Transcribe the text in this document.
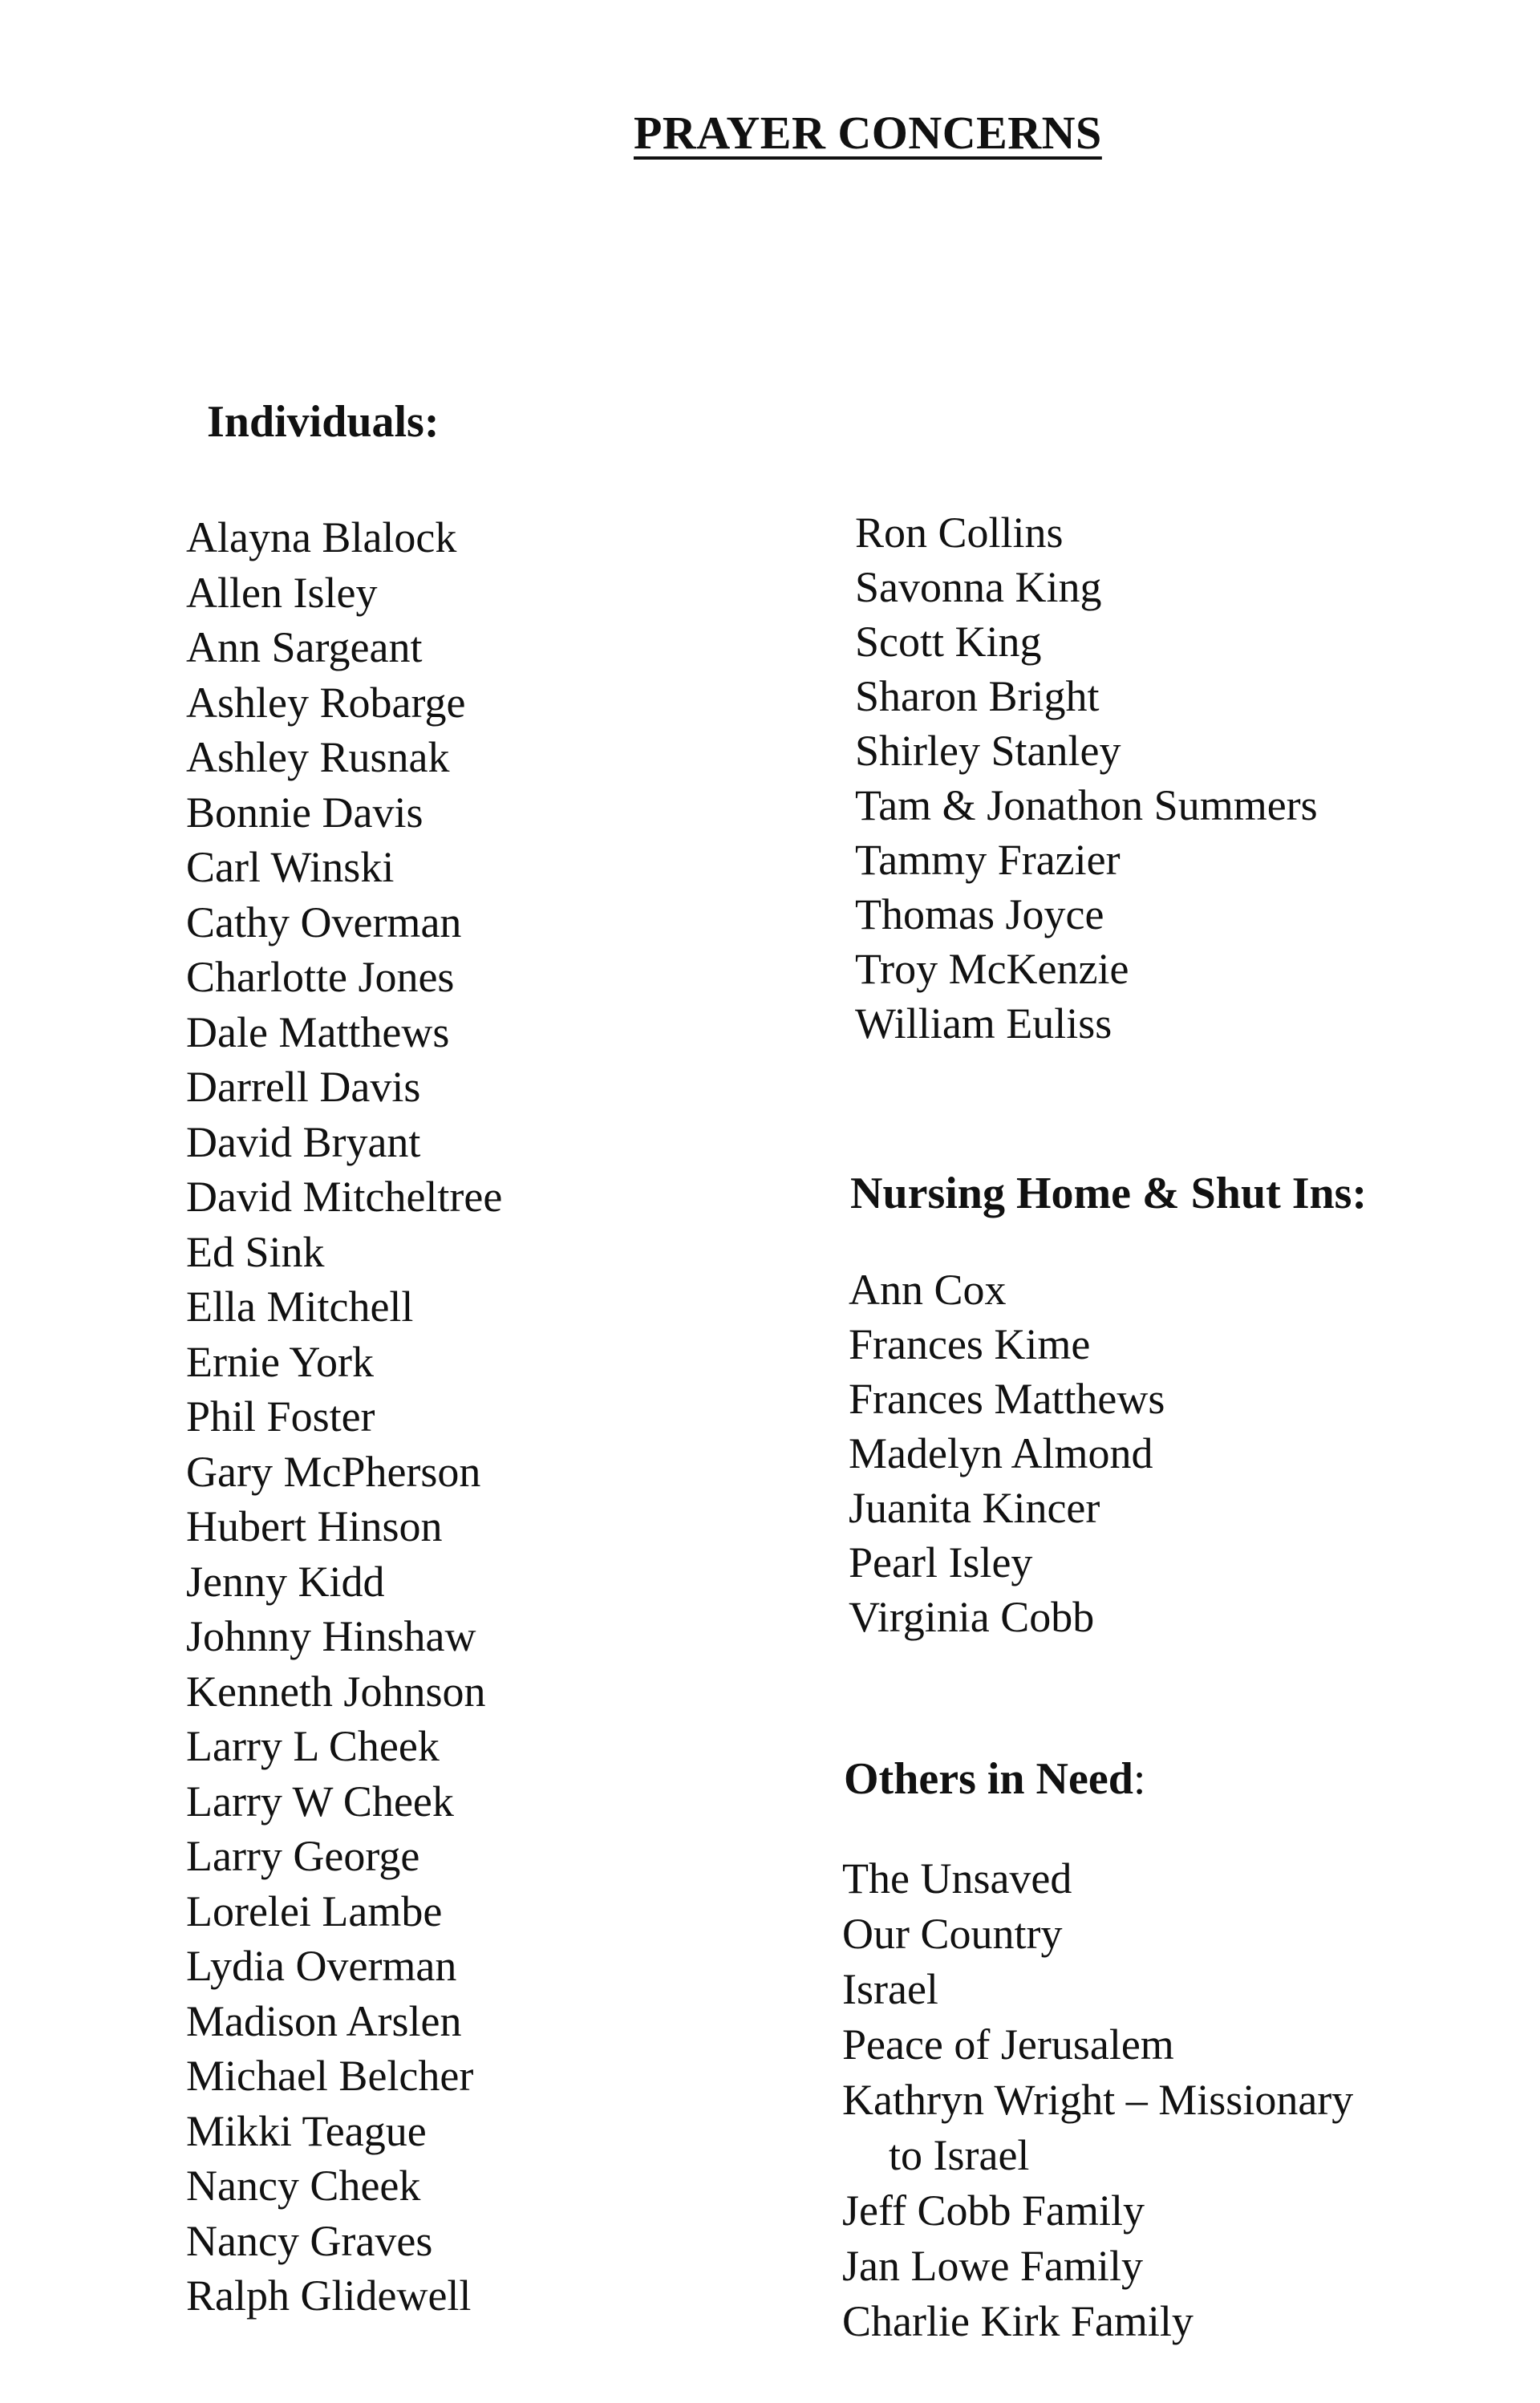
PRAYER CONCERNS
Individuals:
Alayna Blalock
Allen Isley
Ann Sargeant
Ashley Robarge
Ashley Rusnak
Bonnie Davis
Carl Winski
Cathy Overman
Charlotte Jones
Dale Matthews
Darrell Davis
David Bryant
David Mitcheltree
Ed Sink
Ella Mitchell
Ernie York
Phil Foster
Gary McPherson
Hubert Hinson
Jenny Kidd
Johnny Hinshaw
Kenneth Johnson
Larry L Cheek
Larry W Cheek
Larry George
Lorelei Lambe
Lydia Overman
Madison Arslen
Michael Belcher
Mikki Teague
Nancy Cheek
Nancy Graves
Ralph Glidewell
Ron Collins
Savonna King
Scott King
Sharon Bright
Shirley Stanley
Tam & Jonathon Summers
Tammy Frazier
Thomas Joyce
Troy McKenzie
William Euliss
Nursing Home & Shut Ins:
Ann Cox
Frances Kime
Frances Matthews
Madelyn Almond
Juanita Kincer
Pearl Isley
Virginia Cobb
Others in Need:
The Unsaved
Our Country
Israel
Peace of Jerusalem
Kathryn Wright – Missionary
to Israel
Jeff Cobb Family
Jan Lowe Family
Charlie Kirk Family
